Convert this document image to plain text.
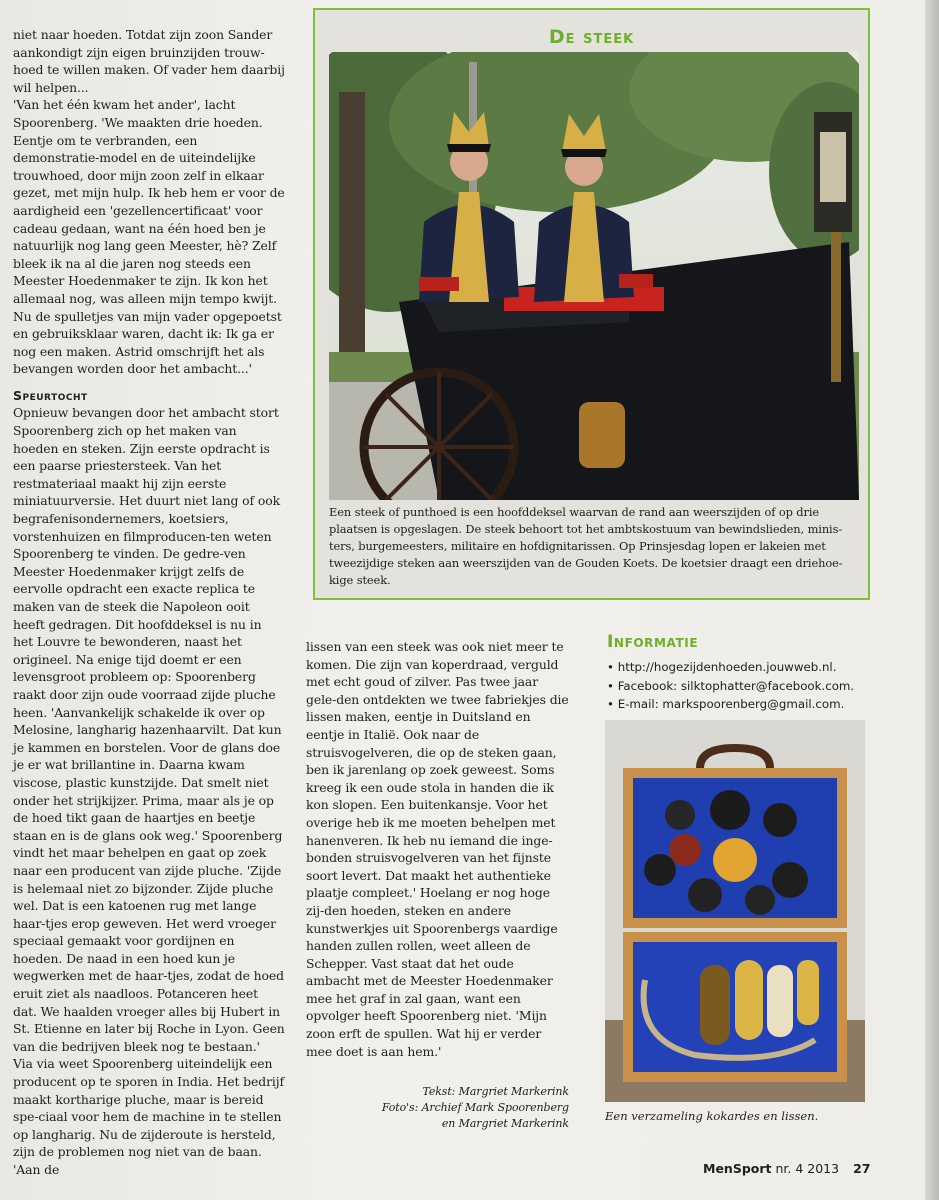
niet naar hoeden. Totdat zijn zoon Sander aankondigt zijn eigen bruinzijden trouw-hoed te willen maken. Of vader hem daarbij wil helpen...

'Van het één kwam het ander', lacht Spoorenberg. 'We maakten drie hoeden. Eentje om te verbranden, een demonstratie-model en de uiteindelijke trouwhoed, door mijn zoon zelf in elkaar gezet, met mijn hulp. Ik heb hem er voor de aardigheid een 'gezellencertificaat' voor cadeau gedaan, want na één hoed ben je natuurlijk nog lang geen Meester, hè? Zelf bleek ik na al die jaren nog steeds een Meester Hoedenmaker te zijn. Ik kon het allemaal nog, was alleen mijn tempo kwijt. Nu de spulletjes van mijn vader opgepoetst en gebruiksklaar waren, dacht ik: Ik ga er nog een maken. Astrid omschrijft het als bevangen worden door het ambacht...'

Speurtocht

Opnieuw bevangen door het ambacht stort Spoorenberg zich op het maken van hoeden en steken. Zijn eerste opdracht is een paarse priestersteek. Van het restmateriaal maakt hij zijn eerste miniatuurversie. Het duurt niet lang of ook begrafenisondernemers, koetsiers, vorstenhuizen en filmproducen-ten weten Spoorenberg te vinden. De gedre-ven Meester Hoedenmaker krijgt zelfs de eervolle opdracht een exacte replica te maken van de steek die Napoleon ooit heeft gedragen. Dit hoofddeksel is nu in het Louvre te bewonderen, naast het origineel. Na enige tijd doemt er een levensgroot probleem op: Spoorenberg raakt door zijn oude voorraad zijde pluche heen. 'Aanvankelijk schakelde ik over op Melosine, langharig hazenhaarvilt. Dat kun je kammen en borstelen. Voor de glans doe je er wat brillantine in. Daarna kwam viscose, plastic kunstzijde. Dat smelt niet onder het strijkijzer. Prima, maar als je op de hoed tikt gaan de haartjes en beetje staan en is de glans ook weg.' Spoorenberg vindt het maar behelpen en gaat op zoek naar een producent van zijde pluche. 'Zijde is helemaal niet zo bijzonder. Zijde pluche wel. Dat is een katoenen rug met lange haar-tjes erop geweven. Het werd vroeger speciaal gemaakt voor gordijnen en hoeden. De naad in een hoed kun je wegwerken met de haar-tjes, zodat de hoed eruit ziet als naadloos. Potanceren heet dat. We haalden vroeger alles bij Hubert in St. Etienne en later bij Roche in Lyon. Geen van die bedrijven bleek nog te bestaan.'

Via via weet Spoorenberg uiteindelijk een producent op te sporen in India. Het bedrijf maakt kortharige pluche, maar is bereid spe-ciaal voor hem de machine in te stellen op langharig. Nu de zijderoute is hersteld, zijn de problemen nog niet van de baan. 'Aan de

De steek
Een steek of punthoed is een hoofddeksel waarvan de rand aan weerszijden of op drie plaatsen is opgeslagen. De steek behoort tot het ambtskostuum van bewindslieden, minis-ters, burgemeesters, militaire en hofdignitarissen. Op Prinsjesdag lopen er lakeien met tweezijdige steken aan weerszijden van de Gouden Koets. De koetsier draagt een driehoe-kige steek.

lissen van een steek was ook niet meer te komen. Die zijn van koperdraad, verguld met echt goud of zilver. Pas twee jaar gele-den ontdekten we twee fabriekjes die lissen maken, eentje in Duitsland en eentje in Italië. Ook naar de struisvogelveren, die op de steken gaan, ben ik jarenlang op zoek geweest. Soms kreeg ik een oude stola in handen die ik kon slopen. Een buitenkansje. Voor het overige heb ik me moeten behelpen met hanenveren. Ik heb nu iemand die inge-bonden struisvogelveren van het fijnste soort levert. Dat maakt het authentieke plaatje compleet.' Hoelang er nog hoge zij-den hoeden, steken en andere kunstwerkjes uit Spoorenbergs vaardige handen zullen rollen, weet alleen de Schepper. Vast staat dat het oude ambacht met de Meester Hoedenmaker mee het graf in zal gaan, want een opvolger heeft Spoorenberg niet. 'Mijn zoon erft de spullen. Wat hij er verder mee doet is aan hem.'

Tekst: Margriet Markerink
Foto's: Archief Mark Spoorenberg
en Margriet Markerink
Informatie
• http://hogezijdenhoeden.jouwweb.nl.
• Facebook: silktophatter@facebook.com.
• E-mail: markspoorenberg@gmail.com.
Een verzameling kokardes en lissen.
MenSport nr. 4 2013 27
